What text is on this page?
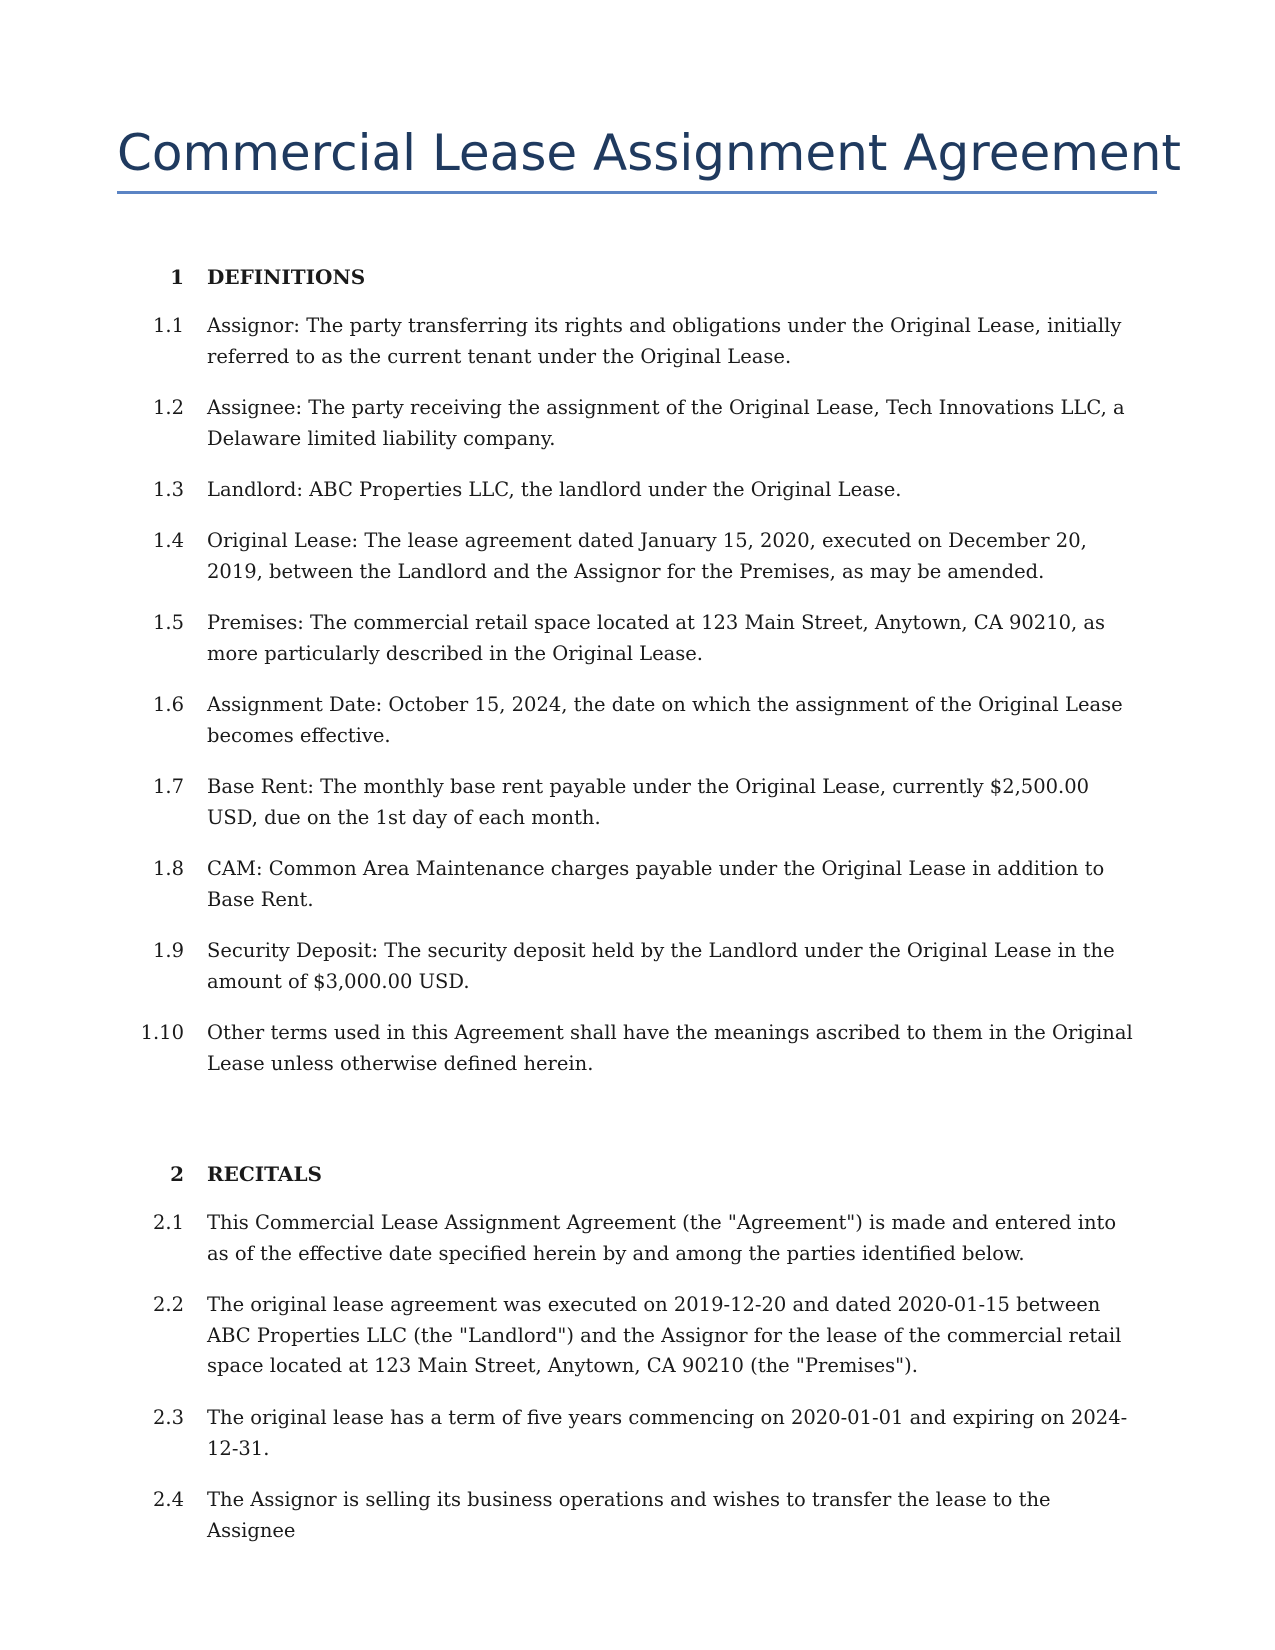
Commercial Lease Assignment Agreement
1 DEFINITIONS
1.1 Assignor: The party transferring its rights and obligations under the Original Lease, initially referred to as the current tenant under the Original Lease.
1.2 Assignee: The party receiving the assignment of the Original Lease, Tech Innovations LLC, a Delaware limited liability company.
1.3 Landlord: ABC Properties LLC, the landlord under the Original Lease.
1.4 Original Lease: The lease agreement dated January 15, 2020, executed on December 20, 2019, between the Landlord and the Assignor for the Premises, as may be amended.
1.5 Premises: The commercial retail space located at 123 Main Street, Anytown, CA 90210, as more particularly described in the Original Lease.
1.6 Assignment Date: October 15, 2024, the date on which the assignment of the Original Lease becomes effective.
1.7 Base Rent: The monthly base rent payable under the Original Lease, currently $2,500.00 USD, due on the 1st day of each month.
1.8 CAM: Common Area Maintenance charges payable under the Original Lease in addition to Base Rent.
1.9 Security Deposit: The security deposit held by the Landlord under the Original Lease in the amount of $3,000.00 USD.
1.10 Other terms used in this Agreement shall have the meanings ascribed to them in the Original Lease unless otherwise defined herein.
2 RECITALS
2.1 This Commercial Lease Assignment Agreement (the "Agreement") is made and entered into as of the effective date specified herein by and among the parties identified below.
2.2 The original lease agreement was executed on 2019-12-20 and dated 2020-01-15 between ABC Properties LLC (the "Landlord") and the Assignor for the lease of the commercial retail space located at 123 Main Street, Anytown, CA 90210 (the "Premises").
2.3 The original lease has a term of five years commencing on 2020-01-01 and expiring on 2024-12-31.
2.4 The Assignor is selling its business operations and wishes to transfer the lease to the Assignee
